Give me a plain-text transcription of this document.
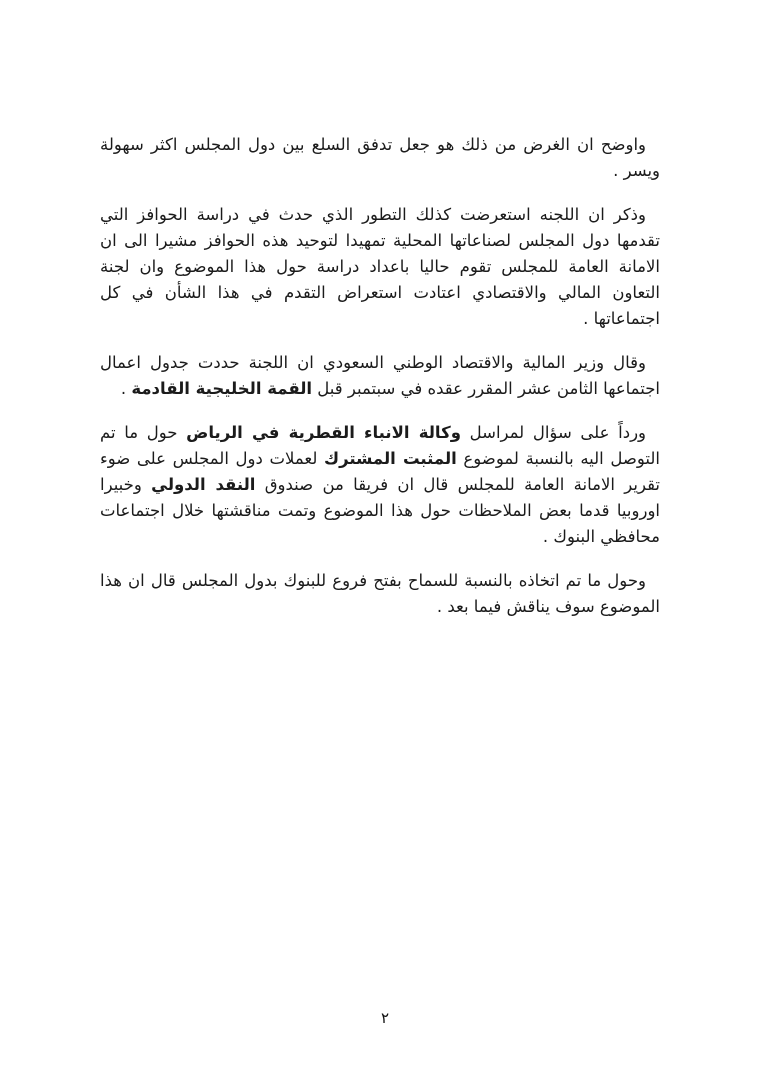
واوضح ان الغرض من ذلك هو جعل تدفق السلع بين دول المجلس اكثر سهولة ويسر .

وذكر ان اللجنه استعرضت كذلك التطور الذي حدث في دراسة الحوافز التي تقدمها دول المجلس لصناعاتها المحلية تمهيدا لتوحيد هذه الحوافز مشيرا الى ان الامانة العامة للمجلس تقوم حاليا باعداد دراسة حول هذا الموضوع وان لجنة التعاون المالي والاقتصادي اعتادت استعراض التقدم في هذا الشأن في كل اجتماعاتها .

وقال وزير المالية والاقتصاد الوطني السعودي ان اللجنة حددت جدول اعمال اجتماعها الثامن عشر المقرر عقده في سبتمبر قبل القمة الخليجية القادمة .

ورداً على سؤال لمراسل وكالة الانباء القطرية في الرياض حول ما تم التوصل اليه بالنسبة لموضوع المثبت المشترك لعملات دول المجلس على ضوء تقرير الامانة العامة للمجلس قال ان فريقا من صندوق النقد الدولي وخبيرا اوروبيا قدما بعض الملاحظات حول هذا الموضوع وتمت مناقشتها خلال اجتماعات محافظي البنوك .

وحول ما تم اتخاذه بالنسبة للسماح بفتح فروع للبنوك بدول المجلس قال ان هذا الموضوع سوف يناقش فيما بعد .

٢
